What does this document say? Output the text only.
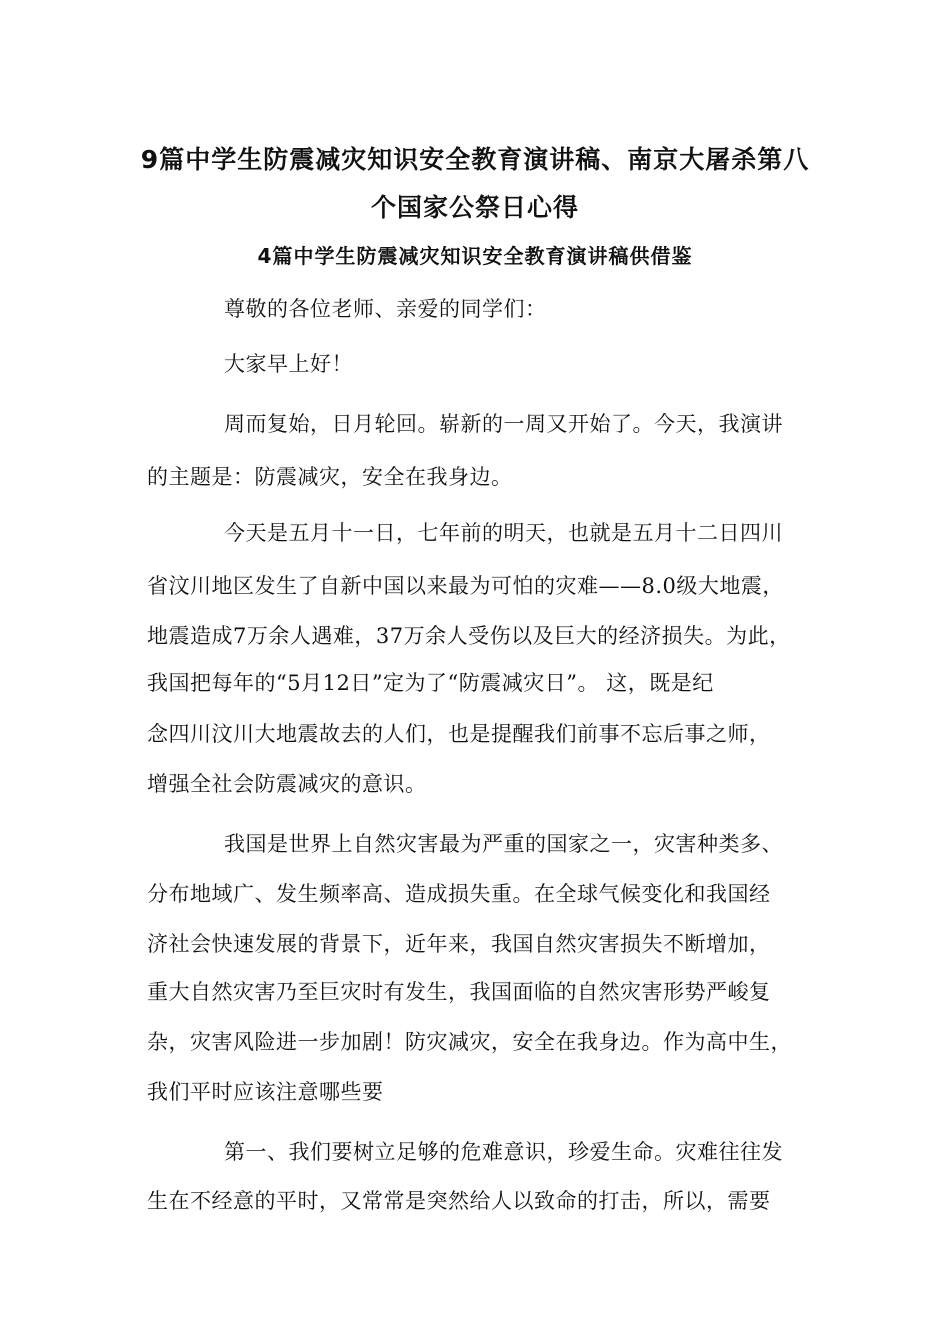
9篇中学生防震减灾知识安全教育演讲稿、南京大屠杀第八
个国家公祭日心得
4篇中学生防震减灾知识安全教育演讲稿供借鉴
尊敬的各位老师、亲爱的同学们：
大家早上好！
周而复始，日月轮回。崭新的一周又开始了。今天，我演讲
的主题是：防震减灾，安全在我身边。
今天是五月十一日，七年前的明天，也就是五月十二日四川
省汶川地区发生了自新中国以来最为可怕的灾难——8.0级大地震，
地震造成7万余人遇难，37万余人受伤以及巨大的经济损失。为此，
我国把每年的“5月12日”定为了“防震减灾日”。 这，既是纪
念四川汶川大地震故去的人们，也是提醒我们前事不忘后事之师，
增强全社会防震减灾的意识。
我国是世界上自然灾害最为严重的国家之一，灾害种类多、
分布地域广、发生频率高、造成损失重。在全球气候变化和我国经
济社会快速发展的背景下，近年来，我国自然灾害损失不断增加，
重大自然灾害乃至巨灾时有发生，我国面临的自然灾害形势严峻复
杂，灾害风险进一步加剧！防灾减灾，安全在我身边。作为高中生，
我们平时应该注意哪些要
第一、我们要树立足够的危难意识，珍爱生命。灾难往往发
生在不经意的平时，又常常是突然给人以致命的打击，所以，需要
